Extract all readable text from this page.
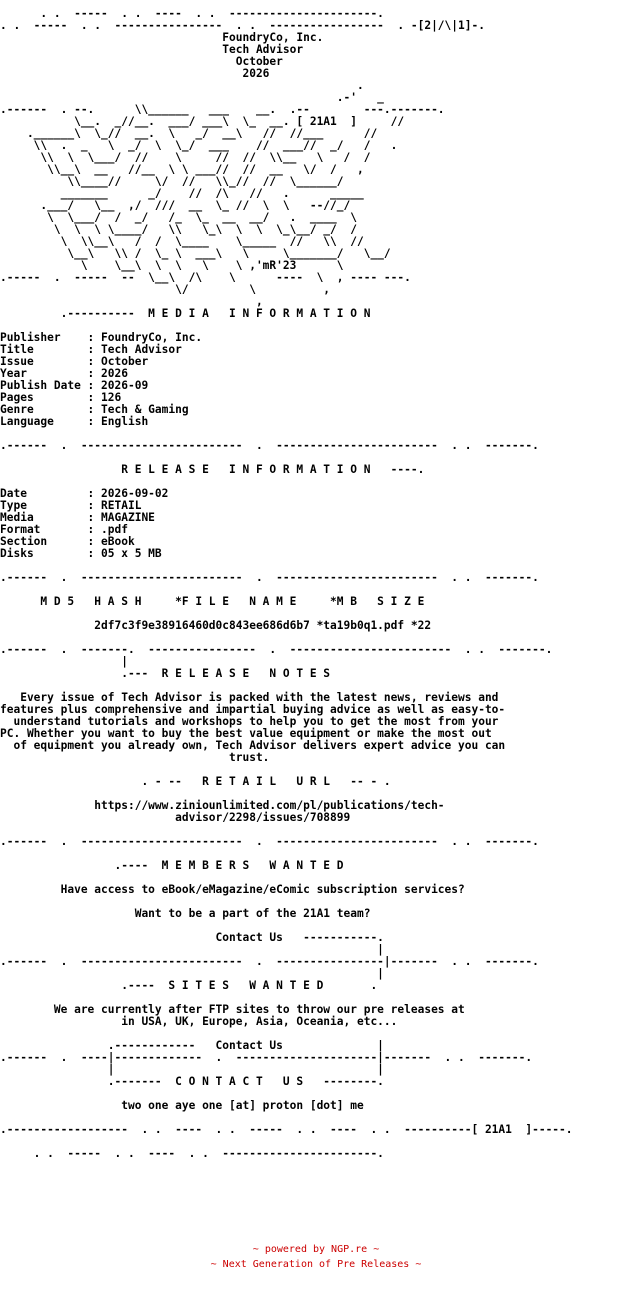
. .  -----  . .  ----  . .  ----------------------.
. .  -----  . .  ----------------  . .  -----------------  . -[2|/\|1]-.
FoundryCo, Inc.
Tech Advisor
October
2026
.
.-'   _
.------  . --.      \\______   ___    __.  .--        ---.-------.
\__.  _//__.  ___/ ___\  \_  __. [ 21A1  ]     //
.______\  \_//  __.  \   _/  __\   //  //___      //
\\  .  _   \  _/  \  \_/  ___    //  ___//  _/   /   .
\\  \  \___/  //    \     //  //  \\__   \   /  /
\\__\  __   //__  \ \ ___//  //  __   \/  /   ,
\\____//     \/  //   \\_//  //  \______/
_______      _/    //  /\   //   .      _____
.___/   \__  ,/  ///  __  \_ //  \  \   --//_/
\  \___/  /  _/   /_  \_  __  __/   .  ____  \
\  \  \ \____/   \\   \_\  \  \  \_\__/ _/  /
\  \\__\   /  /  \____    \_____  //   \\  //
\__\   \\ /  \_ \  ___\   \     \_______/   \__/
\    \__\  \  \   \    \ ,'mR'23      \
.-----  .  -----  --  \__\  /\    \      ----  \  , ---- ---.
\/         \          ,
,
.----------  M E D I A   I N F O R M A T I O N
Publisher    : FoundryCo, Inc.
Title        : Tech Advisor
Issue        : October
Year         : 2026
Publish Date : 2026-09
Pages        : 126
Genre        : Tech & Gaming
Language     : English
.------  .  ------------------------  .  ------------------------  . .  -------.
R E L E A S E   I N F O R M A T I O N   ----.
Date         : 2026-09-02
Type         : RETAIL
Media        : MAGAZINE
Format       : .pdf
Section      : eBook
Disks        : 05 x 5 MB
.------  .  ------------------------  .  ------------------------  . .  -------.
M D 5   H A S H     *F I L E   N A M E     *M B   S I Z E
2df7c3f9e38916460d0c843ee686d6b7 *ta19b0q1.pdf *22
.------  .  -------.  ----------------  .  ------------------------  . .  -------.
|
.---  R E L E A S E   N O T E S
Every issue of Tech Advisor is packed with the latest news, reviews and
features plus comprehensive and impartial buying advice as well as easy-to-
understand tutorials and workshops to help you to get the most from your
PC. Whether you want to buy the best value equipment or make the most out
of equipment you already own, Tech Advisor delivers expert advice you can
trust.
. - --   R E T A I L   U R L   -- - .
https://www.ziniounlimited.com/pl/publications/tech-
advisor/2298/issues/708899
.------  .  ------------------------  .  ------------------------  . .  -------.
.----  M E M B E R S   W A N T E D
Have access to eBook/eMagazine/eComic subscription services?
Want to be a part of the 21A1 team?
Contact Us   -----------.
|
.------  .  ------------------------  .  ----------------|-------  . .  -------.
|
.----  S I T E S   W A N T E D       .
We are currently after FTP sites to throw our pre releases at
in USA, UK, Europe, Asia, Oceania, etc...
.------------   Contact Us              |
.------  .  ----|-------------  .  ---------------------|-------  . .  -------.
|                                       |
.-------  C O N T A C T   U S   --------.
two one aye one [at] proton [dot] me
.------------------  . .  ----  . .  -----  . .  ----  . .  ----------[ 21A1  ]-----.
. .  -----  . .  ----  . .  -----------------------.
~ powered by NGP.re ~
~ Next Generation of Pre Releases ~
